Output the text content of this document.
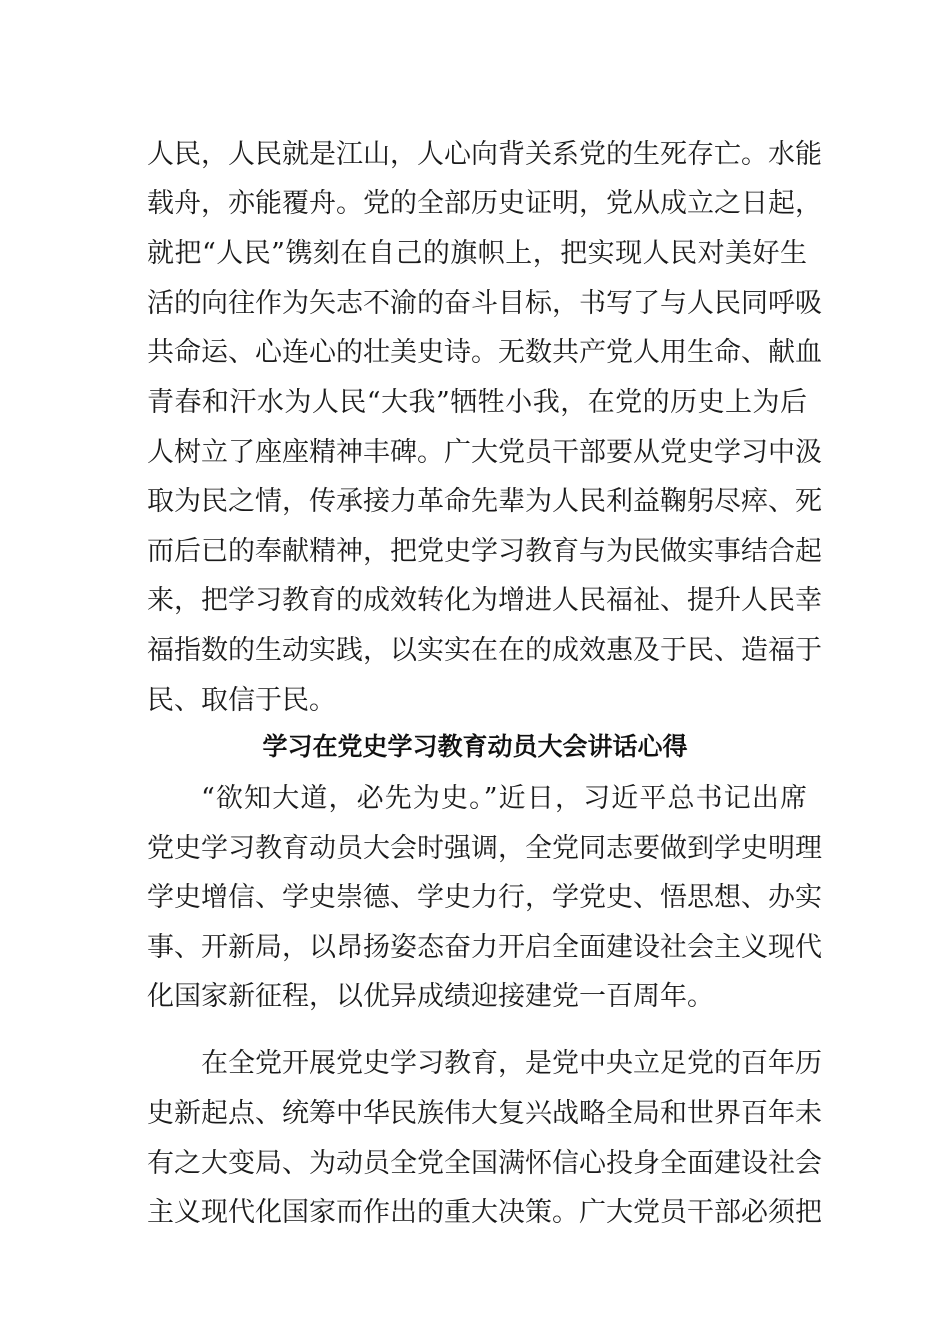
人民，人民就是江山，人心向背关系党的生死存亡。水能
载舟，亦能覆舟。党的全部历史证明，党从成立之日起，
就把“人民”镌刻在自己的旗帜上，把实现人民对美好生
活的向往作为矢志不渝的奋斗目标，书写了与人民同呼吸
共命运、心连心的壮美史诗。无数共产党人用生命、献血
青春和汗水为人民“大我”牺牲小我，在党的历史上为后
人树立了座座精神丰碑。广大党员干部要从党史学习中汲
取为民之情，传承接力革命先辈为人民利益鞠躬尽瘁、死
而后已的奉献精神，把党史学习教育与为民做实事结合起
来，把学习教育的成效转化为增进人民福祉、提升人民幸
福指数的生动实践，以实实在在的成效惠及于民、造福于
民、取信于民。
学习在党史学习教育动员大会讲话心得
“欲知大道，必先为史。”近日，习近平总书记出席
党史学习教育动员大会时强调，全党同志要做到学史明理
学史增信、学史崇德、学史力行，学党史、悟思想、办实
事、开新局，以昂扬姿态奋力开启全面建设社会主义现代
化国家新征程，以优异成绩迎接建党一百周年。
在全党开展党史学习教育，是党中央立足党的百年历
史新起点、统筹中华民族伟大复兴战略全局和世界百年未
有之大变局、为动员全党全国满怀信心投身全面建设社会
主义现代化国家而作出的重大决策。广大党员干部必须把
